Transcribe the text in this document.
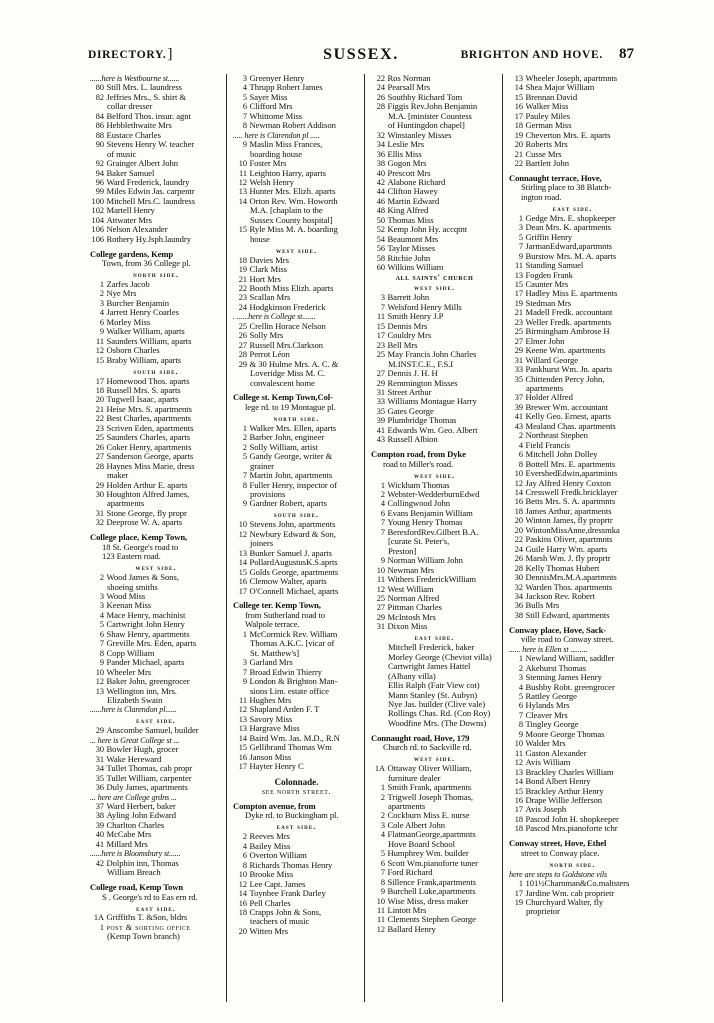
DIRECTORY.]	SUSSEX.	BRIGHTON AND HOVE. 87
......here is Westbourne st......
80 Still Mrs. L. laundress
82 Jeffries Mrs., S. shirt &
collar dresser
84 Belford Thos. insur. agnt
86 Hebblethwaite Mrs
88 Eustace Charles
90 Stevens Henry W. teacher
of music
92 Grainger Albert John
94 Baker Samuel
96 Ward Frederick, laundry
99 Miles Edwin Jas. carpentr
100 Mitchell Mrs.C. laundress
102 Martell Henry
104 Attwater Mrs
106 Nelson Alexander
106 Rothery Hy.Jsph.laundry
College gardens, Kemp
Town, from 36 College pl.
north side.
1 Zarfes Jacob
2 Nye Mrs
3 Burcher Benjamin
4 Jarrett Henry Coarles
6 Morley Miss
9 Walker William, aparts
11 Saunders William, aparts
12 Osborn Charles
15 Braby William, aparts
south side.
17 Homewood Thos. aparts
18 Russell Mrs. S. aparts
20 Tugwell Isaac, aparts
21 Heise Mrs. S. apartments
22 Best Charles, apartments
23 Scriven Eden, apartments
25 Saunders Charles, aparts
26 Coker Henry, apartments
27 Sanderson George, aparts
28 Haynes Miss Marie, dress
maker
29 Holden Arthur E. aparts
30 Houghton Alfred James,
apartments
31 Stone George, fly propr
32 Deeprose W. A. aparts
College place, Kemp Town,
18 St. George's road to
123 Eastern road.
west side.
2 Wood James & Sons,
shoeing smiths
3 Wood Miss
3 Keenan Miss
4 Mace Henry, machinist
5 Cartwright John Henry
6 Shaw Henry, apartments
7 Greville Mrs. Eden, aparts
8 Copp William
9 Pander Michael, aparts
10 Wheeler Mrs
12 Baker John, greengrocer
13 Wellington inn, Mrs.
Elizabeth Swain
......here is Clarendon pl......
east side.
29 Anscombe Samuel, builder
... here is Great College st ...
30 Bowler Hugh, grocer
31 Wake Hereward
34 Tullet Thomas, cab propr
35 Tullet William, carpenter
36 Duly James, apartments
... here are College grdns ...
37 Ward Herbert, baker
38 Ayling John Edward
39 Charlton Charles
40 McCabe Mrs
41 Millard Mrs
......here is Bloomsbury st......
42 Dolphin inn, Thomas
William Breach
College road, Kemp Town
S . George's rd to Eas ern rd.
east side.
1A Griffiths T. &Son, bldrs
1 post & sorting office
(Kemp Town branch)
3 Greenyer Henry
4 Thrupp Robert James
5 Sayer Miss
6 Clifford Mrs
7 Whittome Miss
8 Newman Robert Addison
..... here is Clarendon pl .....
9 Maslin Miss Frances,
boarding house
10 Foster Mrs
11 Leighton Harry, aparts
12 Welsh Henry
13 Hunter Mrs. Elizh. aparts
14 Orton Rev. Wm. Howorth
M.A. [chaplain to the
Sussex County hospital]
15 Ryle Miss M. A. boarding
house
west side.
18 Davies Mrs
19 Clark Miss
21 Hort Mrs
22 Booth Miss Elizh. aparts
23 Scallan Mrs
24 Hodgkinson Frederick
. ......here is College st.......
25 Crellin Horace Nelson
26 Solly Mrs
27 Russell Mrs.Clarkson
28 Perrot Léon
29 & 30 Hulme Mrs. A. C. &
Loveridge Miss M. C.
convalescent home
College st. Kemp Town,Col-
lege rd. to 19 Montague pl.
north side.
1 Walker Mrs. Ellen, aparts
2 Barber John, engineer
2 Solly William, artist
5 Gandy George, writer &
grainer
7 Martin John, apartments
8 Fuller Henry, inspector of
provisions
9 Gardner Robert, aparts
south side.
10 Stevens John, apartments
12 Newbury Edward & Son,
joiners
13 Bunker Samuel J. aparts
14 PollardAugustusK.S.aprts
15 Golds George, apartments
16 Clemow Walter, aparts
17 O'Connell Michael, aparts
College ter. Kemp Town,
from Sutherland road to
Walpole terrace.
1 McCormick Rev. William
Thomas A.K.C. [vicar of
St. Matthew's]
3 Garland Mrs
7 Broad Edwin Thierry
9 London & Brighton Man-
sions Lim. estate office
11 Hughes Mrs
12 Shapland Arden F. T
13 Savory Miss
13 Hargrave Miss
14 Baird Wm. Jas. M.D., R.N
15 Gellibrand Thomas Wm
16 Janson Miss
17 Hayter Henry C
Colonnade.
see north street.
Compton avenue, from
Dyke rd. to Buckingham pl.
east side.
2 Reeves Mrs
4 Bailey Miss
6 Overton William
8 Richards Thomas Henry
10 Brooke Miss
12 Lee Capt. James
14 Toynbee Frank Darley
16 Pell Charles
18 Crapps John & Sons,
teachers of music
20 Witten Mrs
22 Ros Norman
24 Pearsall Mrs
26 Southby Richard Tom
28 Figgis Rev.John Benjamin
M.A. [minister Countess
of Huntingdon chapel]
32 Winstanley Misses
34 Leslie Mrs
36 Ellis Miss
38 Gogon Mrs
40 Prescott Mrs
42 Alabone Richard
44 Clifton Hawey
46 Martin Edward
48 King Alfred
50 Thomas Miss
52 Kemp John Hy. accqtnt
54 Beaumont Mrs
56 Taylor Misses
58 Ritchie John
60 Wilkins William
all saints' church
west side.
3 Barrett John
7 Welsford Henry Mills
11 Smith Henry J.P
15 Dennis Mrs
17 Couldry Mrs
23 Bell Mrs
25 May Francis John Charles
M.INST.C.E., F.S.I
27 Dennis J. H. H
29 Remmington Misses
31 Street Arthur
33 Williams Montague Harry
35 Gates George
39 Plumbridge Thomas
41 Edwards Wm. Geo. Albert
43 Russell Albion
Compton road, from Dyke
road to Miller's road.
west side.
1 Wickham Thomas
2 Webster-WedderburnEdwd
4 Collingwood John
6 Evans Benjamin William
7 Young Henry Thomas
7 BeresfordRev.Gilbert B.A.
[curate St. Peter's,
Preston]
9 Norman William John
10 Newman Mrs
11 Withers FrederickWilliam
12 West William
25 Norman Alfred
27 Pittman Charles
29 McIntosh Mrs
31 Dixon Miss
east side.
Mitchell Frederick, baker
Morley George (Cheviot villa)
Cartwright James Hattel
(Albany villa)
Ellis Ralph (Fair View cot)
Mann Stanley (St. Aubyn)
Nye Jas. builder (Clive vale)
Rollings Chas. Rd. (Con Roy)
Woodfine Mrs. (The Downs)
Connaught road, Hove, 179
Church rd. to Sackville rd.
west side.
1A Ottaway Oliver William,
furniture dealer
1 Smith Frank, apartments
2 Trigwell Joseph Thomas,
apartments
2 Cockburn Miss E. nurse
3 Cole Albert John
4 FlatmanGeorge,apartmnts
Hove Board School
5 Humphrey Wm. builder
6 Scott Wm.pianoforte tuner
7 Ford Richard
8 Sillence Frank,apartments
9 Burchell Luke,apartments
10 Wise Miss, dress maker
11 Lintott Mrs
11 Clements Stephen George
12 Ballard Henry
13 Wheeler Joseph, apartmnts
14 Shea Major William
15 Brennan David
16 Walker Miss
17 Pauley Miles
18 German Miss
19 Cheverton Mrs. E. aparts
20 Roberts Mrs
21 Cusse Mrs
22 Bartlett John
Connaught terrace, Hove,
Stirling place to 38 Blatch-
ington road.
east side.
1 Gedge Mrs. E. shopkeeper
3 Dean Mrs. K. apartments
5 Griffin Henry
7 JarmanEdward,apartmnts
9 Burstow Mrs. M. A. aparts
11 Standing Samuel
13 Fogden Frank
15 Caunter Mrs
17 Hadley Miss E. apartments
19 Stedman Mrs
21 Madell Fredk. accountant
23 Weller Fredk. apartments
25 Birmingham Ambrose H
27 Elmer John
29 Keene Wm. apartments
31 Willard George
33 Pankhurst Wm. Jn. aparts
35 Chittenden Percy John,
apartments
37 Holder Alfred
39 Brewer Wm. accountant
41 Kelly Geo. Ernest, aparts
43 Mealand Chas. apartments
2 Northeast Stephen
4 Field Francis
6 Mitchell John Dolley
8 Bottell Mrs. E. apartments
10 EvershedEdwin,apartmints
12 Jay Alfred Henry Coxton
14 Cresswell Fredk.bricklayer
16 Betts Mrs. S. A. apartmnts
18 James Arthur, apartments
20 Winton James, fly proprtr
20 WintonMissAnne,dressmka
22 Paskins Oliver, apartmnts
24 Guile Harry Wm. aparts
26 Marsh Wm. J. fly proprtr
28 Kelly Thomas Hubert
30 DennisMrs.M.A.apartmnts
32 Warden Thos. apartments
34 Jackson Rev. Robert
36 Bulls Mrs
38 Still Edward, apartments
Conway place, Hove, Sack-
ville road to Conway street.
...... here is Ellen st .........
1 Newland William, saddler
2 Akehurst Thomas
3 Stenning James Henry
4 Bushby Robt. greengrocer
5 Rattley George
6 Hylands Mrs
7 Cleaver Mrs
8 Tingley George
9 Moore George Thomas
10 Walder Mrs
11 Gaston Alexander
12 Avis William
13 Brackley Charles William
14 Bond Albert Henry
15 Brackley Arthur Henry
16 Drape Willie Jefferson
17 Avis Joseph
18 Pascod John H. shopkeeper
18 Pascod Mrs.pianoforte tchr
Conway street, Hove, Ethel
street to Conway place.
north side.
here are steps to Goldstone vils
1 101½Charnman&Co.maltsters
17 Jardine Wm. cab proprietr
19 Churchyard Walter, fly
proprietor
